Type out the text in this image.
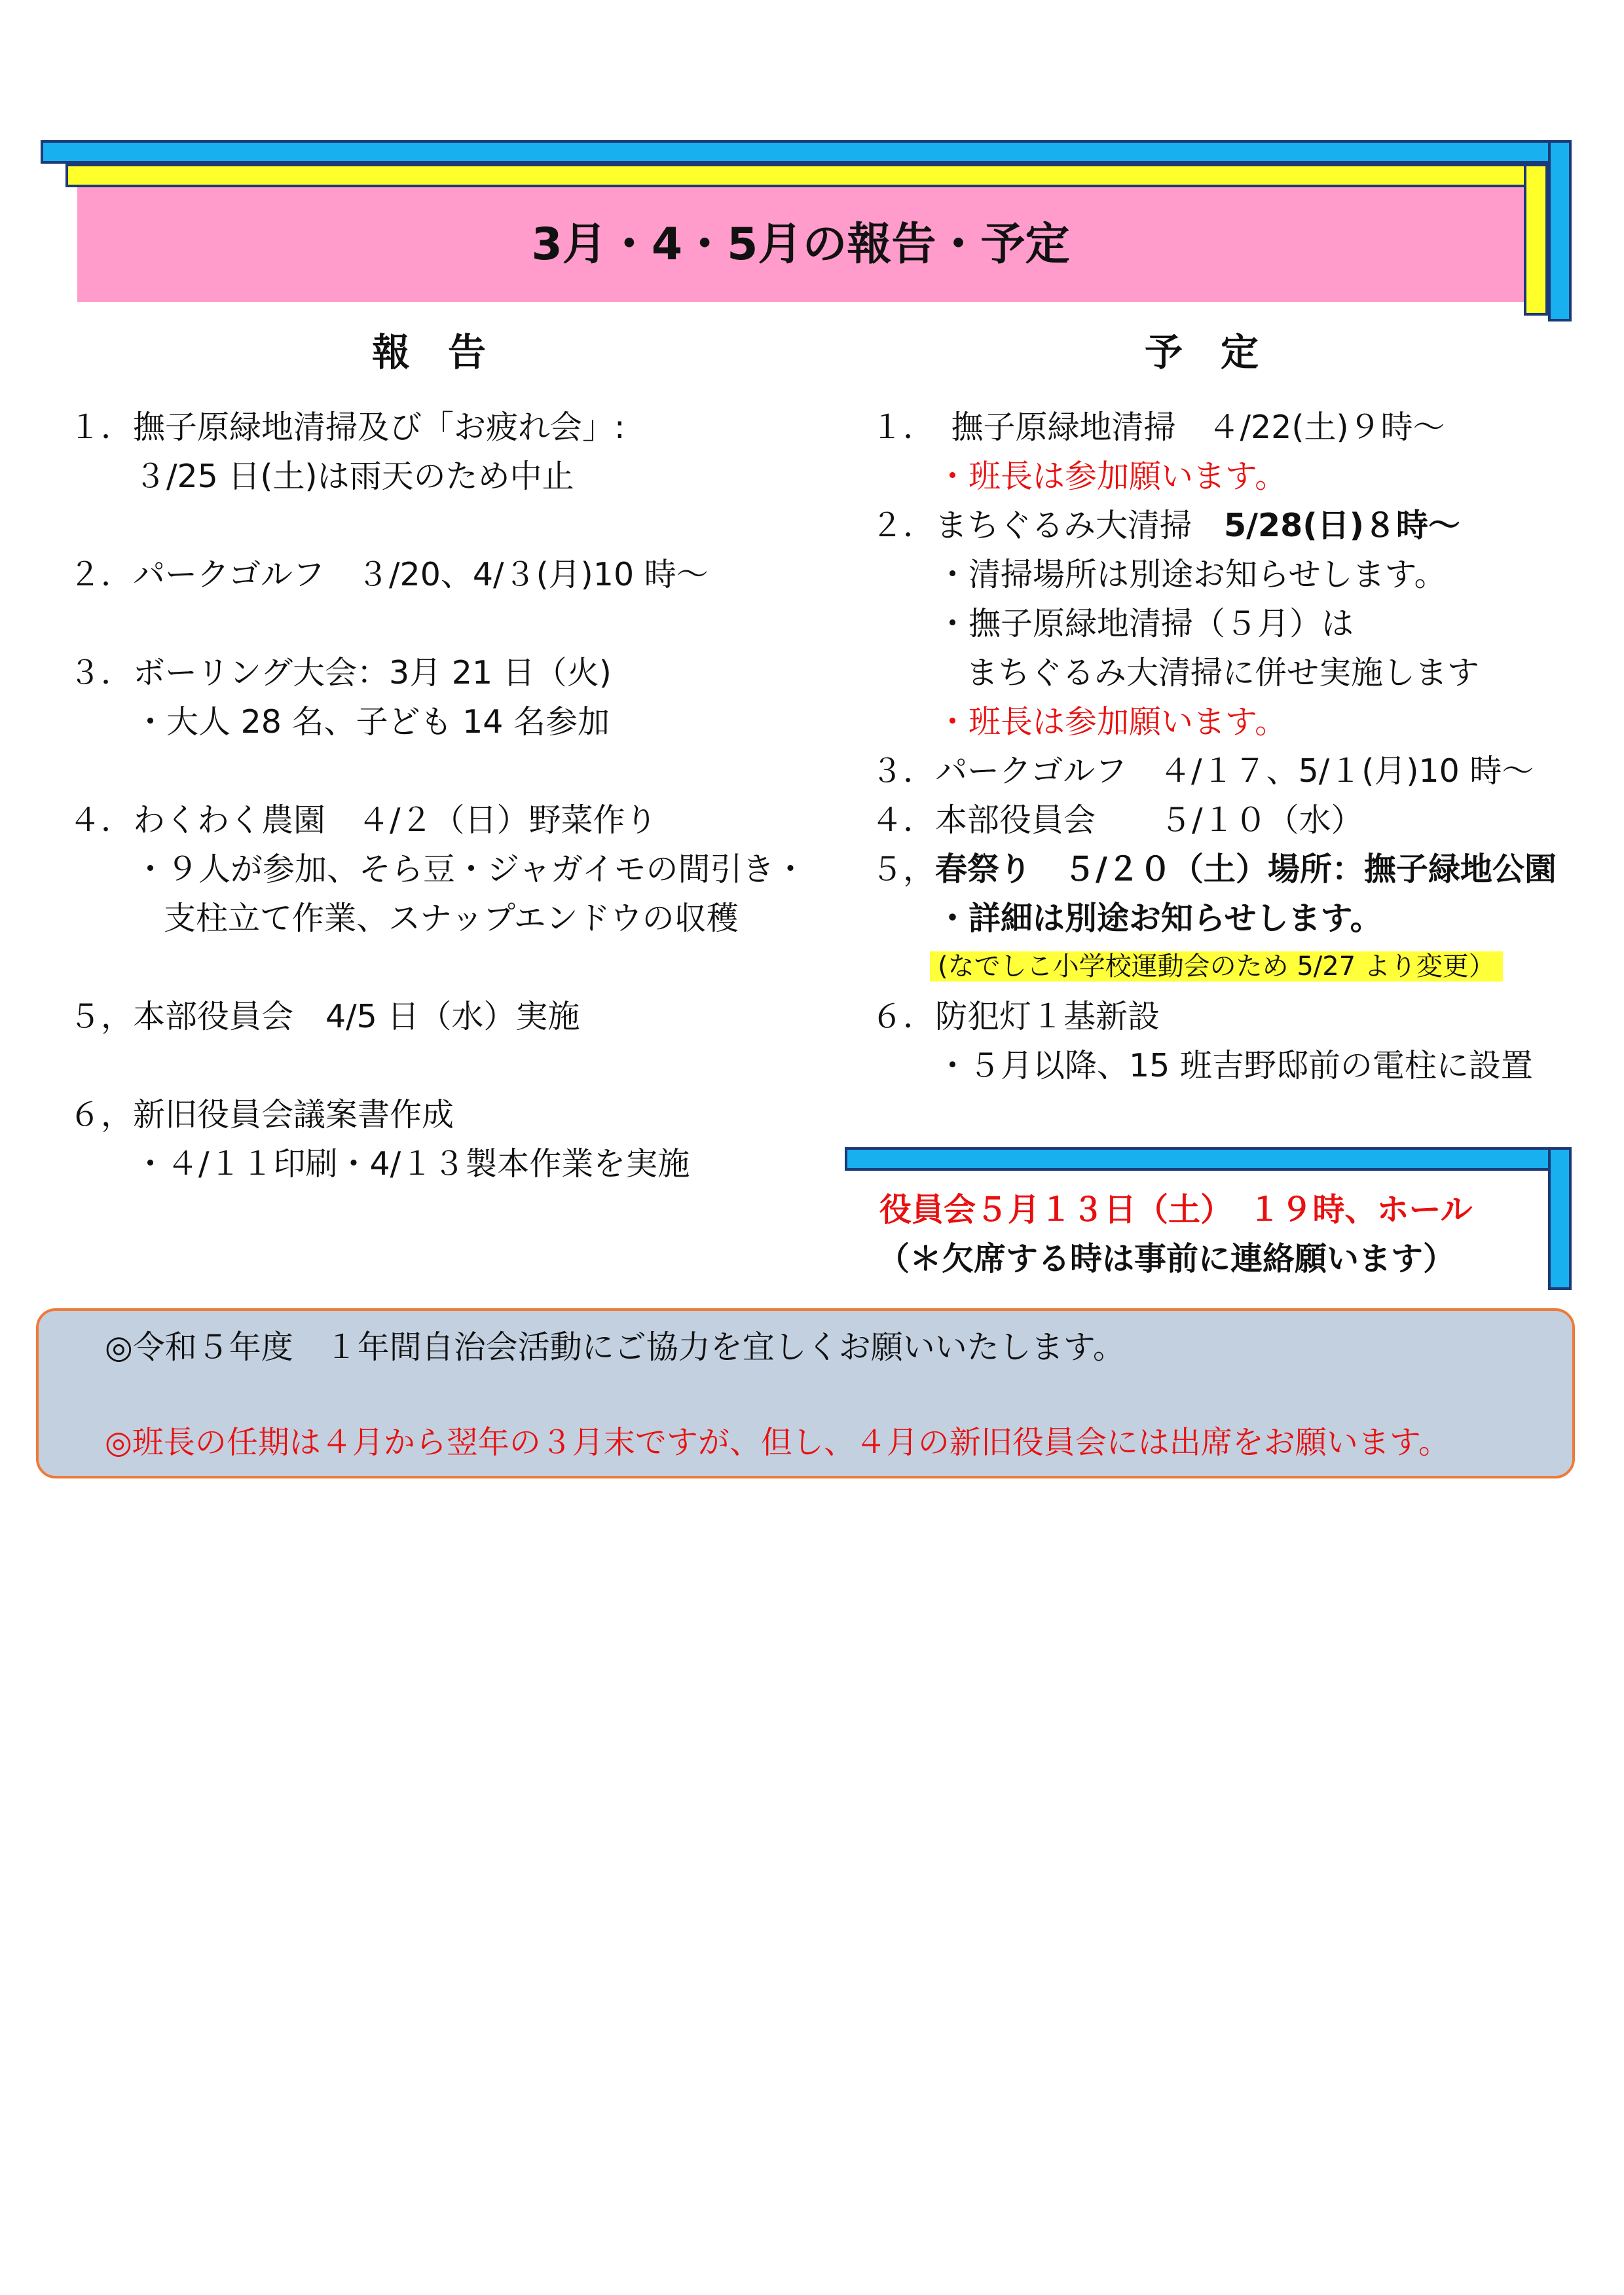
3月・4・5月の報告・予定
報　告	予　定
１．撫子原緑地清掃及び「お疲れ会」:
３/25 日(土)は雨天のため中止
２．パークゴルフ　３/20、4/３(月)10 時～
３．ボーリング大会：3月 21 日（火)
・大人 28 名、子ども 14 名参加
４．わくわく農園　４/２（日）野菜作り
・９人が参加、そら豆・ジャガイモの間引き・
支柱立て作業、スナップエンドウの収穫
５，本部役員会　4/5 日（水）実施
６，新旧役員会議案書作成
・４/１１印刷・4/１３製本作業を実施
１．　撫子原緑地清掃　４/22(土)９時～
・班長は参加願います。
２．まちぐるみ大清掃　5/28(日)８時～
・清掃場所は別途お知らせします。
・撫子原緑地清掃（５月）は
まちぐるみ大清掃に併せ実施します
・班長は参加願います。
３．パークゴルフ　４/１７、5/１(月)10 時～
４．本部役員会　　５/１０（水）
５，春祭り　５/２０（土）場所：撫子緑地公園
・詳細は別途お知らせします。
(なでしこ小学校運動会のため 5/27 より変更）
６．防犯灯１基新設
・５月以降、15 班吉野邸前の電柱に設置
役員会５月１３日（土）　１９時、ホール
（＊欠席する時は事前に連絡願います）
◎令和５年度　１年間自治会活動にご協力を宜しくお願いいたします。
◎班長の任期は４月から翌年の３月末ですが、但し、４月の新旧役員会には出席をお願います。
